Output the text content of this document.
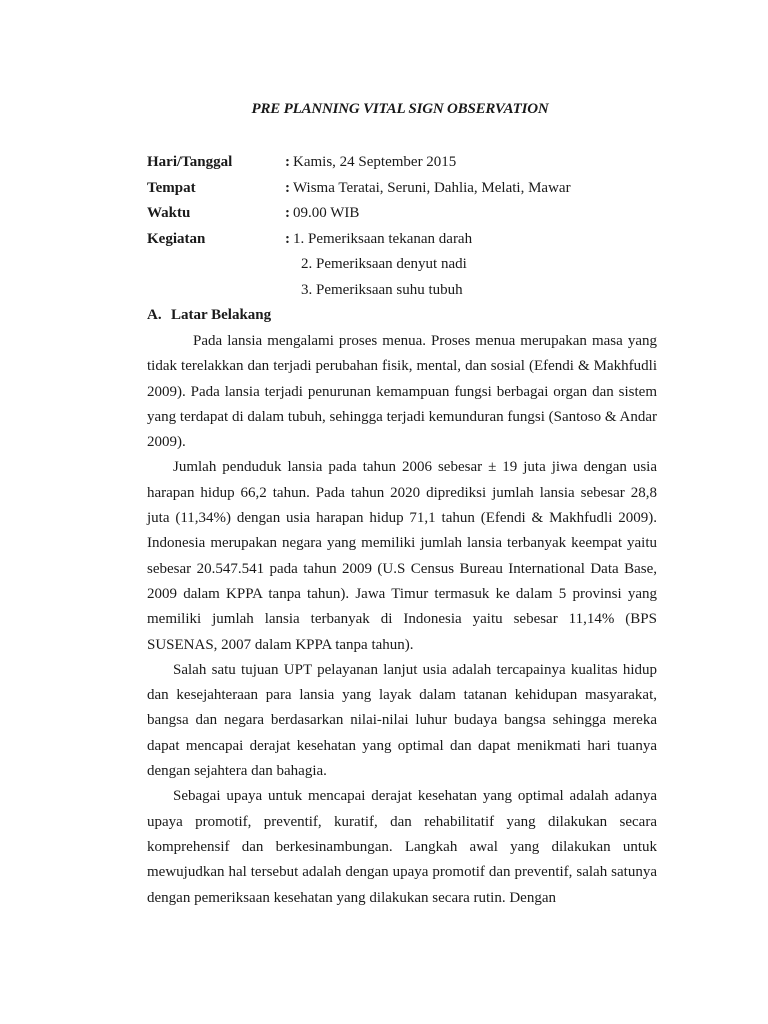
PRE PLANNING VITAL SIGN OBSERVATION
Hari/Tanggal	: Kamis, 24 September 2015
Tempat	: Wisma Teratai, Seruni, Dahlia, Melati, Mawar
Waktu	: 09.00 WIB
Kegiatan	: 1. Pemeriksaan tekanan darah
2. Pemeriksaan denyut nadi
3. Pemeriksaan suhu tubuh
A. Latar Belakang

Pada lansia mengalami proses menua. Proses menua merupakan masa yang tidak terelakkan dan terjadi perubahan fisik, mental, dan sosial (Efendi & Makhfudli 2009). Pada lansia terjadi penurunan kemampuan fungsi berbagai organ dan sistem yang terdapat di dalam tubuh, sehingga terjadi kemunduran fungsi (Santoso & Andar 2009).

Jumlah penduduk lansia pada tahun 2006 sebesar ± 19 juta jiwa dengan usia harapan hidup 66,2 tahun. Pada tahun 2020 diprediksi jumlah lansia sebesar 28,8 juta (11,34%) dengan usia harapan hidup 71,1 tahun (Efendi & Makhfudli 2009). Indonesia merupakan negara yang memiliki jumlah lansia terbanyak keempat yaitu sebesar 20.547.541 pada tahun 2009 (U.S Census Bureau International Data Base, 2009 dalam KPPA tanpa tahun). Jawa Timur termasuk ke dalam 5 provinsi yang memiliki jumlah lansia terbanyak di Indonesia yaitu sebesar 11,14% (BPS SUSENAS, 2007 dalam KPPA tanpa tahun).

Salah satu tujuan UPT pelayanan lanjut usia adalah tercapainya kualitas hidup dan kesejahteraan para lansia yang layak dalam tatanan kehidupan masyarakat, bangsa dan negara berdasarkan nilai-nilai luhur budaya bangsa sehingga mereka dapat mencapai derajat kesehatan yang optimal dan dapat menikmati hari tuanya dengan sejahtera dan bahagia.

Sebagai upaya untuk mencapai derajat kesehatan yang optimal adalah adanya upaya promotif, preventif, kuratif, dan rehabilitatif yang dilakukan secara komprehensif dan berkesinambungan. Langkah awal yang dilakukan untuk mewujudkan hal tersebut adalah dengan upaya promotif dan preventif, salah satunya dengan pemeriksaan kesehatan yang dilakukan secara rutin. Dengan
